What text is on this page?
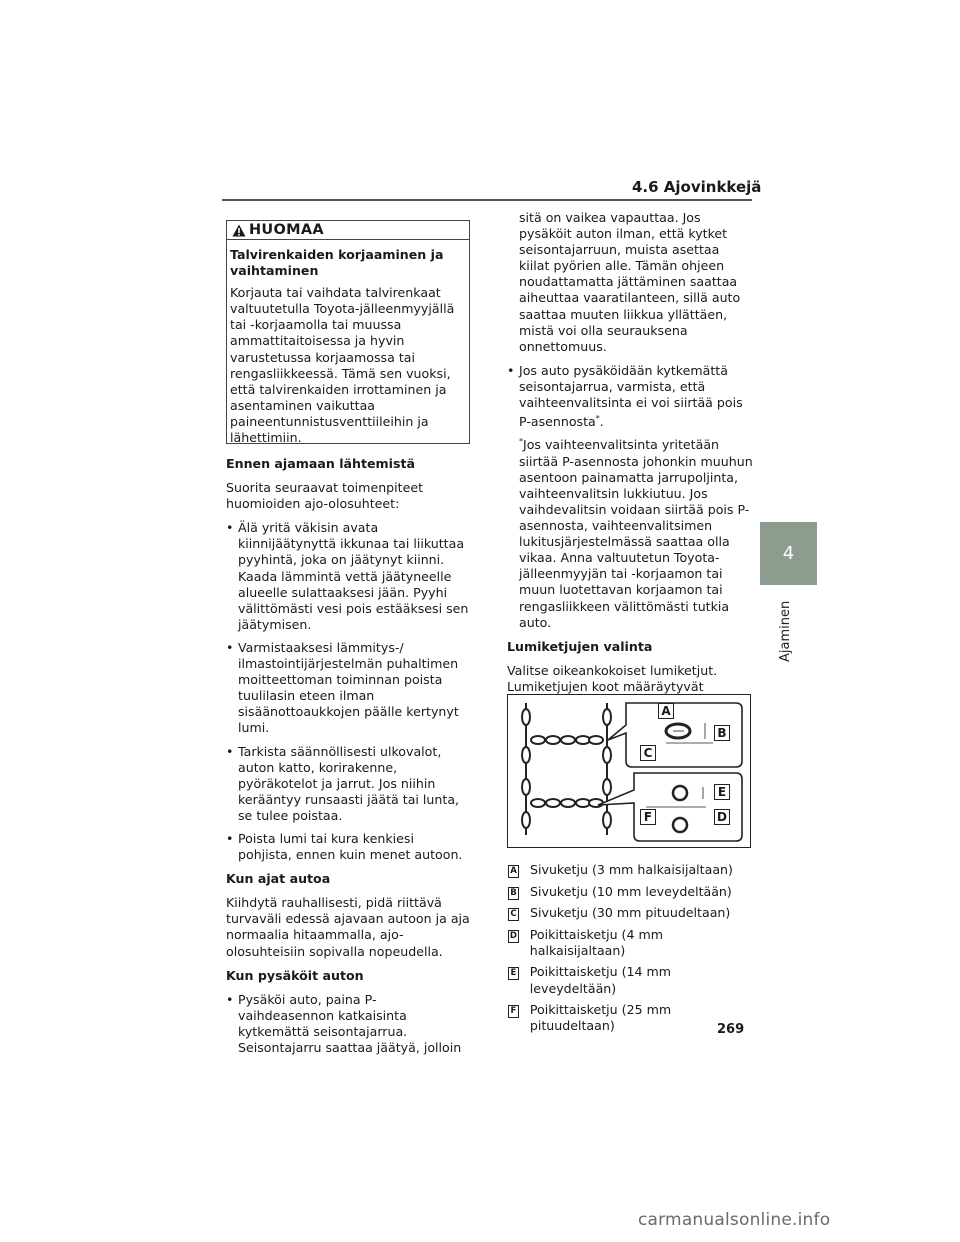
4.6 Ajovinkkejä
4
Ajaminen
HUOMAA
Talvirenkaiden korjaaminen ja vaihtaminen
Korjauta tai vaihdata talvirenkaat valtuutetulla Toyota-jälleenmyyjällä tai -korjaamolla tai muussa ammattitaitoisessa ja hyvin varustetussa korjaamossa tai rengasliikkeessä. Tämä sen vuoksi, että talvirenkaiden irrottaminen ja asentaminen vaikuttaa paineentunnistusventtiileihin ja lähettimiin.

Ennen ajamaan lähtemistä

Suorita seuraavat toimenpiteet huomioiden ajo-olosuhteet:

• Älä yritä väkisin avata kiinnijäätynyttä ikkunaa tai liikuttaa pyyhintä, joka on jäätynyt kiinni. Kaada lämmintä vettä jäätyneelle alueelle sulattaaksesi jään. Pyyhi välittömästi vesi pois estääksesi sen jäätymisen.
• Varmistaaksesi lämmitys-/ ilmastointijärjestelmän puhaltimen moitteettoman toiminnan poista tuulilasin eteen ilman sisäänottoaukkojen päälle kertynyt lumi.
• Tarkista säännöllisesti ulkovalot, auton katto, korirakenne, pyöräkotelot ja jarrut. Jos niihin kerääntyy runsaasti jäätä tai lunta, se tulee poistaa.
• Poista lumi tai kura kenkiesi pohjista, ennen kuin menet autoon.

Kun ajat autoa

Kiihdytä rauhallisesti, pidä riittävä turvaväli edessä ajavaan autoon ja aja normaalia hitaammalla, ajo-olosuhteisiin sopivalla nopeudella.

Kun pysäköit auton

• Pysäköi auto, paina P-vaihdeasennon katkaisinta kytkemättä seisontajarrua. Seisontajarru saattaa jäätyä, jolloin

sitä on vaikea vapauttaa. Jos pysäköit auton ilman, että kytket seisontajarruun, muista asettaa kiilat pyörien alle. Tämän ohjeen noudattamatta jättäminen saattaa aiheuttaa vaaratilanteen, sillä auto saattaa muuten liikkua yllättäen, mistä voi olla seurauksena onnettomuus.

• Jos auto pysäköidään kytkemättä seisontajarrua, varmista, että vaihteenvalitsinta ei voi siirtää pois P-asennosta*.
*Jos vaihteenvalitsinta yritetään siirtää P-asennosta johonkin muuhun asentoon painamatta jarrupoljinta, vaihteenvalitsin lukkiutuu. Jos vaihdevalitsin voidaan siirtää pois P-asennosta, vaihteenvalitsimen lukitusjärjestelmässä saattaa olla vikaa. Anna valtuutetun Toyota-jälleenmyyjän tai -korjaamon tai muun luotettavan korjaamon tai rengasliikkeen välittömästi tutkia auto.

Lumiketjujen valinta

Valitse oikeankokoiset lumiketjut. Lumiketjujen koot määräytyvät

A
B
C
D
E
F
A Sivuketju (3 mm halkaisijaltaan)
B Sivuketju (10 mm leveydeltään)
C Sivuketju (30 mm pituudeltaan)
D Poikittaisketju (4 mm halkaisijaltaan)
E Poikittaisketju (14 mm leveydeltään)
F Poikittaisketju (25 mm pituudeltaan)	269
carmanualsonline.info
